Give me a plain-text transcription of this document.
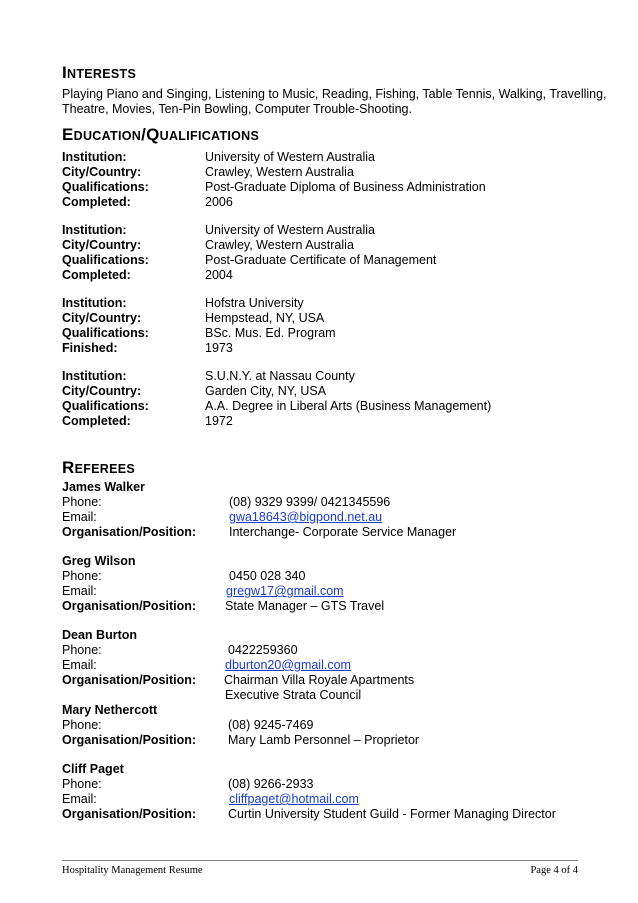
INTERESTS
Playing Piano and Singing, Listening to Music, Reading, Fishing, Table Tennis, Walking, Travelling,
Theatre, Movies, Ten-Pin Bowling, Computer Trouble-Shooting.
EDUCATION/QUALIFICATIONS
Institution:	University of Western Australia
City/Country:	Crawley, Western Australia
Qualifications:	Post-Graduate Diploma of Business Administration
Completed:	2006
Institution:	University of Western Australia
City/Country:	Crawley, Western Australia
Qualifications:	Post-Graduate Certificate of Management
Completed:	2004
Institution:	Hofstra University
City/Country:	Hempstead, NY, USA
Qualifications:	BSc. Mus. Ed. Program
Finished:	1973
Institution:	S.U.N.Y. at Nassau County
City/Country:	Garden City, NY, USA
Qualifications:	A.A. Degree in Liberal Arts (Business Management)
Completed:	1972
REFEREES
James Walker
Phone:	(08) 9329 9399/ 0421345596
Email:	gwa18643@bigpond.net.au
Organisation/Position:	Interchange- Corporate Service Manager
Greg Wilson
Phone:	0450 028 340
Email:	gregw17@gmail.com
Organisation/Position: State Manager – GTS Travel
Dean Burton
Phone:	0422259360
Email:	dburton20@gmail.com
Organisation/Position: Chairman Villa Royale Apartments
Executive Strata Council
Mary Nethercott
Phone:	(08) 9245-7469
Organisation/Position:	Mary Lamb Personnel – Proprietor
Cliff Paget
Phone:	(08) 9266-2933
Email:	cliffpaget@hotmail.com
Organisation/Position:	Curtin University Student Guild - Former Managing Director
Hospitality Management Resume	Page 4 of 4
